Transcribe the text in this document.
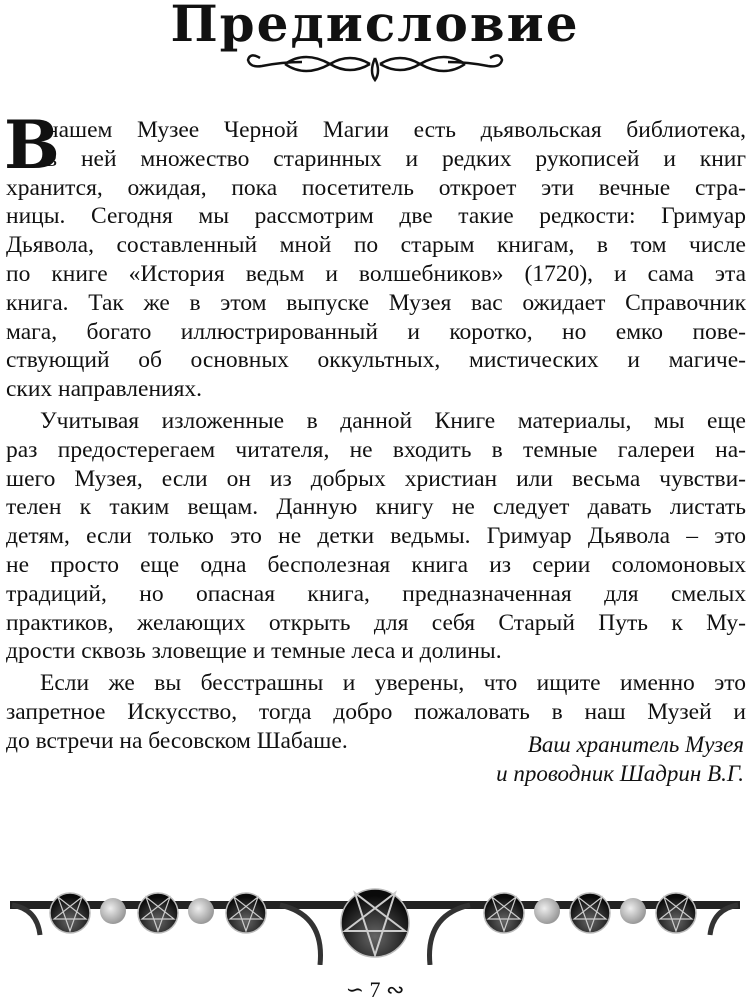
Предисловие
В
нашем Музее Черной Магии есть дьявольская библиотека,
в ней множество старинных и редких рукописей и книг
хранится, ожидая, пока посетитель откроет эти вечные стра-
ницы. Сегодня мы рассмотрим две такие редкости: Гримуар
Дьявола, составленный мной по старым книгам, в том числе
по книге «История ведьм и волшебников» (1720), и сама эта
книга. Так же в этом выпуске Музея вас ожидает Справочник
мага, богато иллюстрированный и коротко, но емко пове-
ствующий об основных оккультных, мистических и магиче-
ских направлениях.
Учитывая изложенные в данной Книге материалы, мы еще
раз предостерегаем читателя, не входить в темные галереи на-
шего Музея, если он из добрых христиан или весьма чувстви-
телен к таким вещам. Данную книгу не следует давать листать
детям, если только это не детки ведьмы. Гримуар Дьявола – это
не просто еще одна бесполезная книга из серии соломоновых
традиций, но опасная книга, предназначенная для смелых
практиков, желающих открыть для себя Старый Путь к Му-
дрости сквозь зловещие и темные леса и долины.
Если же вы бесстрашны и уверены, что ищите именно это
запретное Искусство, тогда добро пожаловать в наш Музей и
до встречи на бесовском Шабаше.	Ваш хранитель Музея
и проводник Шадрин В.Г.
∽ 7 ∾
